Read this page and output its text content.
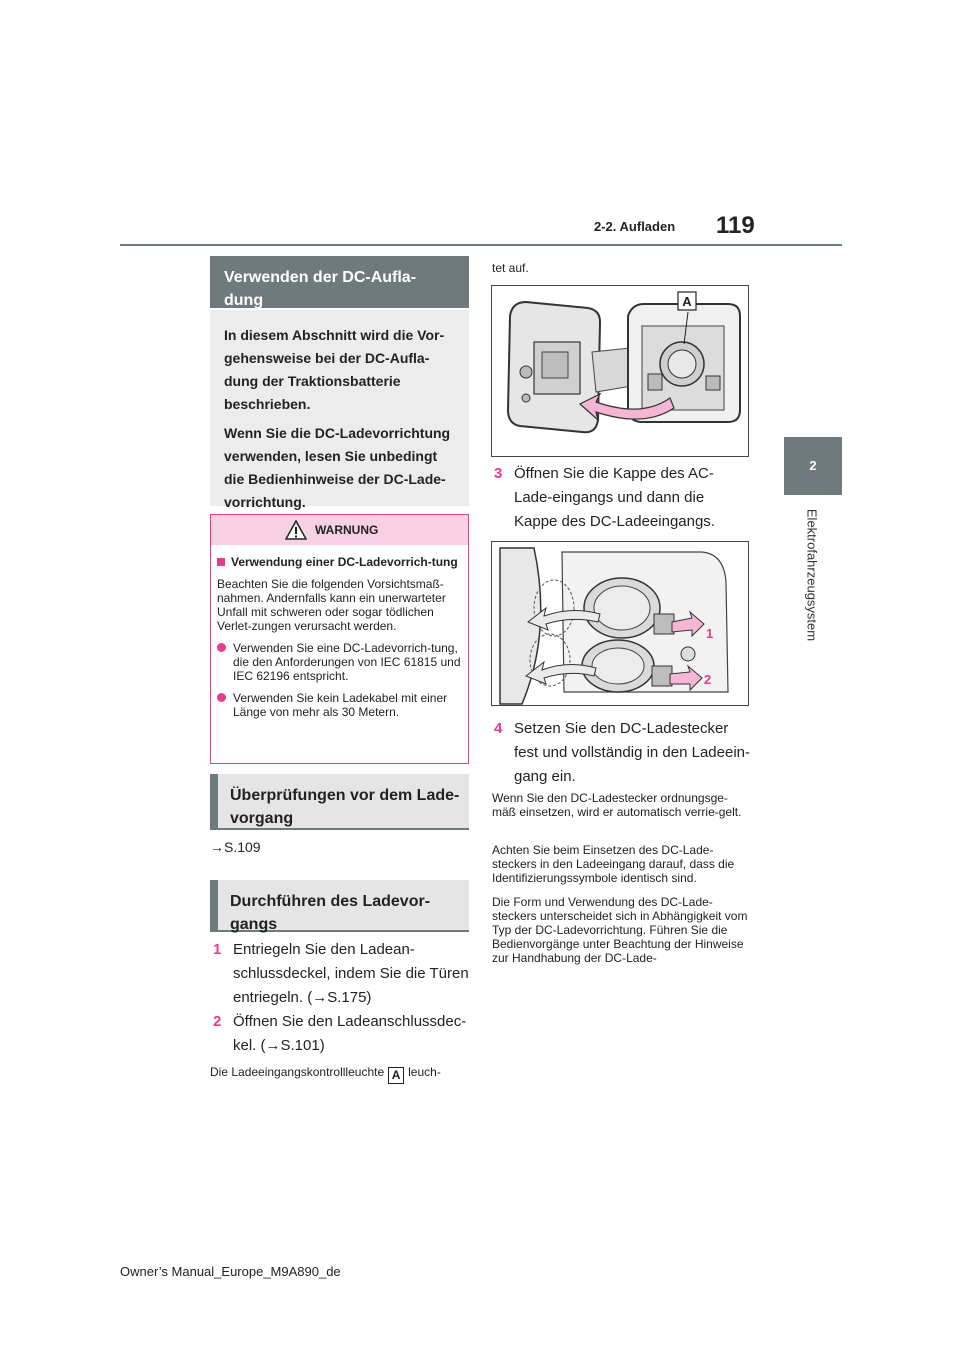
2-2. Aufladen 119
2
Elektrofahrzeugsystem
Verwenden der DC-Aufla-
dung

In diesem Abschnitt wird die Vor-gehensweise bei der DC-Aufla-dung der Traktionsbatterie beschrieben.

Wenn Sie die DC-Ladevorrichtung verwenden, lesen Sie unbedingt die Bedienhinweise der DC-Lade-vorrichtung.

WARNUNG
Verwendung einer DC-Ladevorrich-tung

Beachten Sie die folgenden Vorsichtsmaß-nahmen. Andernfalls kann ein unerwarteter Unfall mit schweren oder sogar tödlichen Verlet-zungen verursacht werden.

Verwenden Sie eine DC-Ladevorrich-tung, die den Anforderungen von IEC 61815 und IEC 62196 entspricht.
Verwenden Sie kein Ladekabel mit einer Länge von mehr als 30 Metern.
Überprüfungen vor dem Lade-
vorgang
→S.109
Durchführen des Ladevor-
gangs
1 Entriegeln Sie den Ladean-schlussdeckel, indem Sie die Türen entriegeln. (→S.175)
2 Öffnen Sie den Ladeanschlussdec-kel. (→S.101)
Die Ladeeingangskontrollleuchte A leuch-
tet auf.
A
3 Öffnen Sie die Kappe des AC-Lade-eingangs und dann die Kappe des DC-Ladeeingangs.
1
2
4 Setzen Sie den DC-Ladestecker fest und vollständig in den Ladeein-gang ein.
Wenn Sie den DC-Ladestecker ordnungsge-mäß einsetzen, wird er automatisch verrie-gelt.
Achten Sie beim Einsetzen des DC-Lade-steckers in den Ladeeingang darauf, dass die Identifizierungssymbole identisch sind.
Die Form und Verwendung des DC-Lade-steckers unterscheidet sich in Abhängigkeit vom Typ der DC-Ladevorrichtung. Führen Sie die Bedienvorgänge unter Beachtung der Hinweise zur Handhabung der DC-Lade-
Owner’s Manual_Europe_M9A890_de
